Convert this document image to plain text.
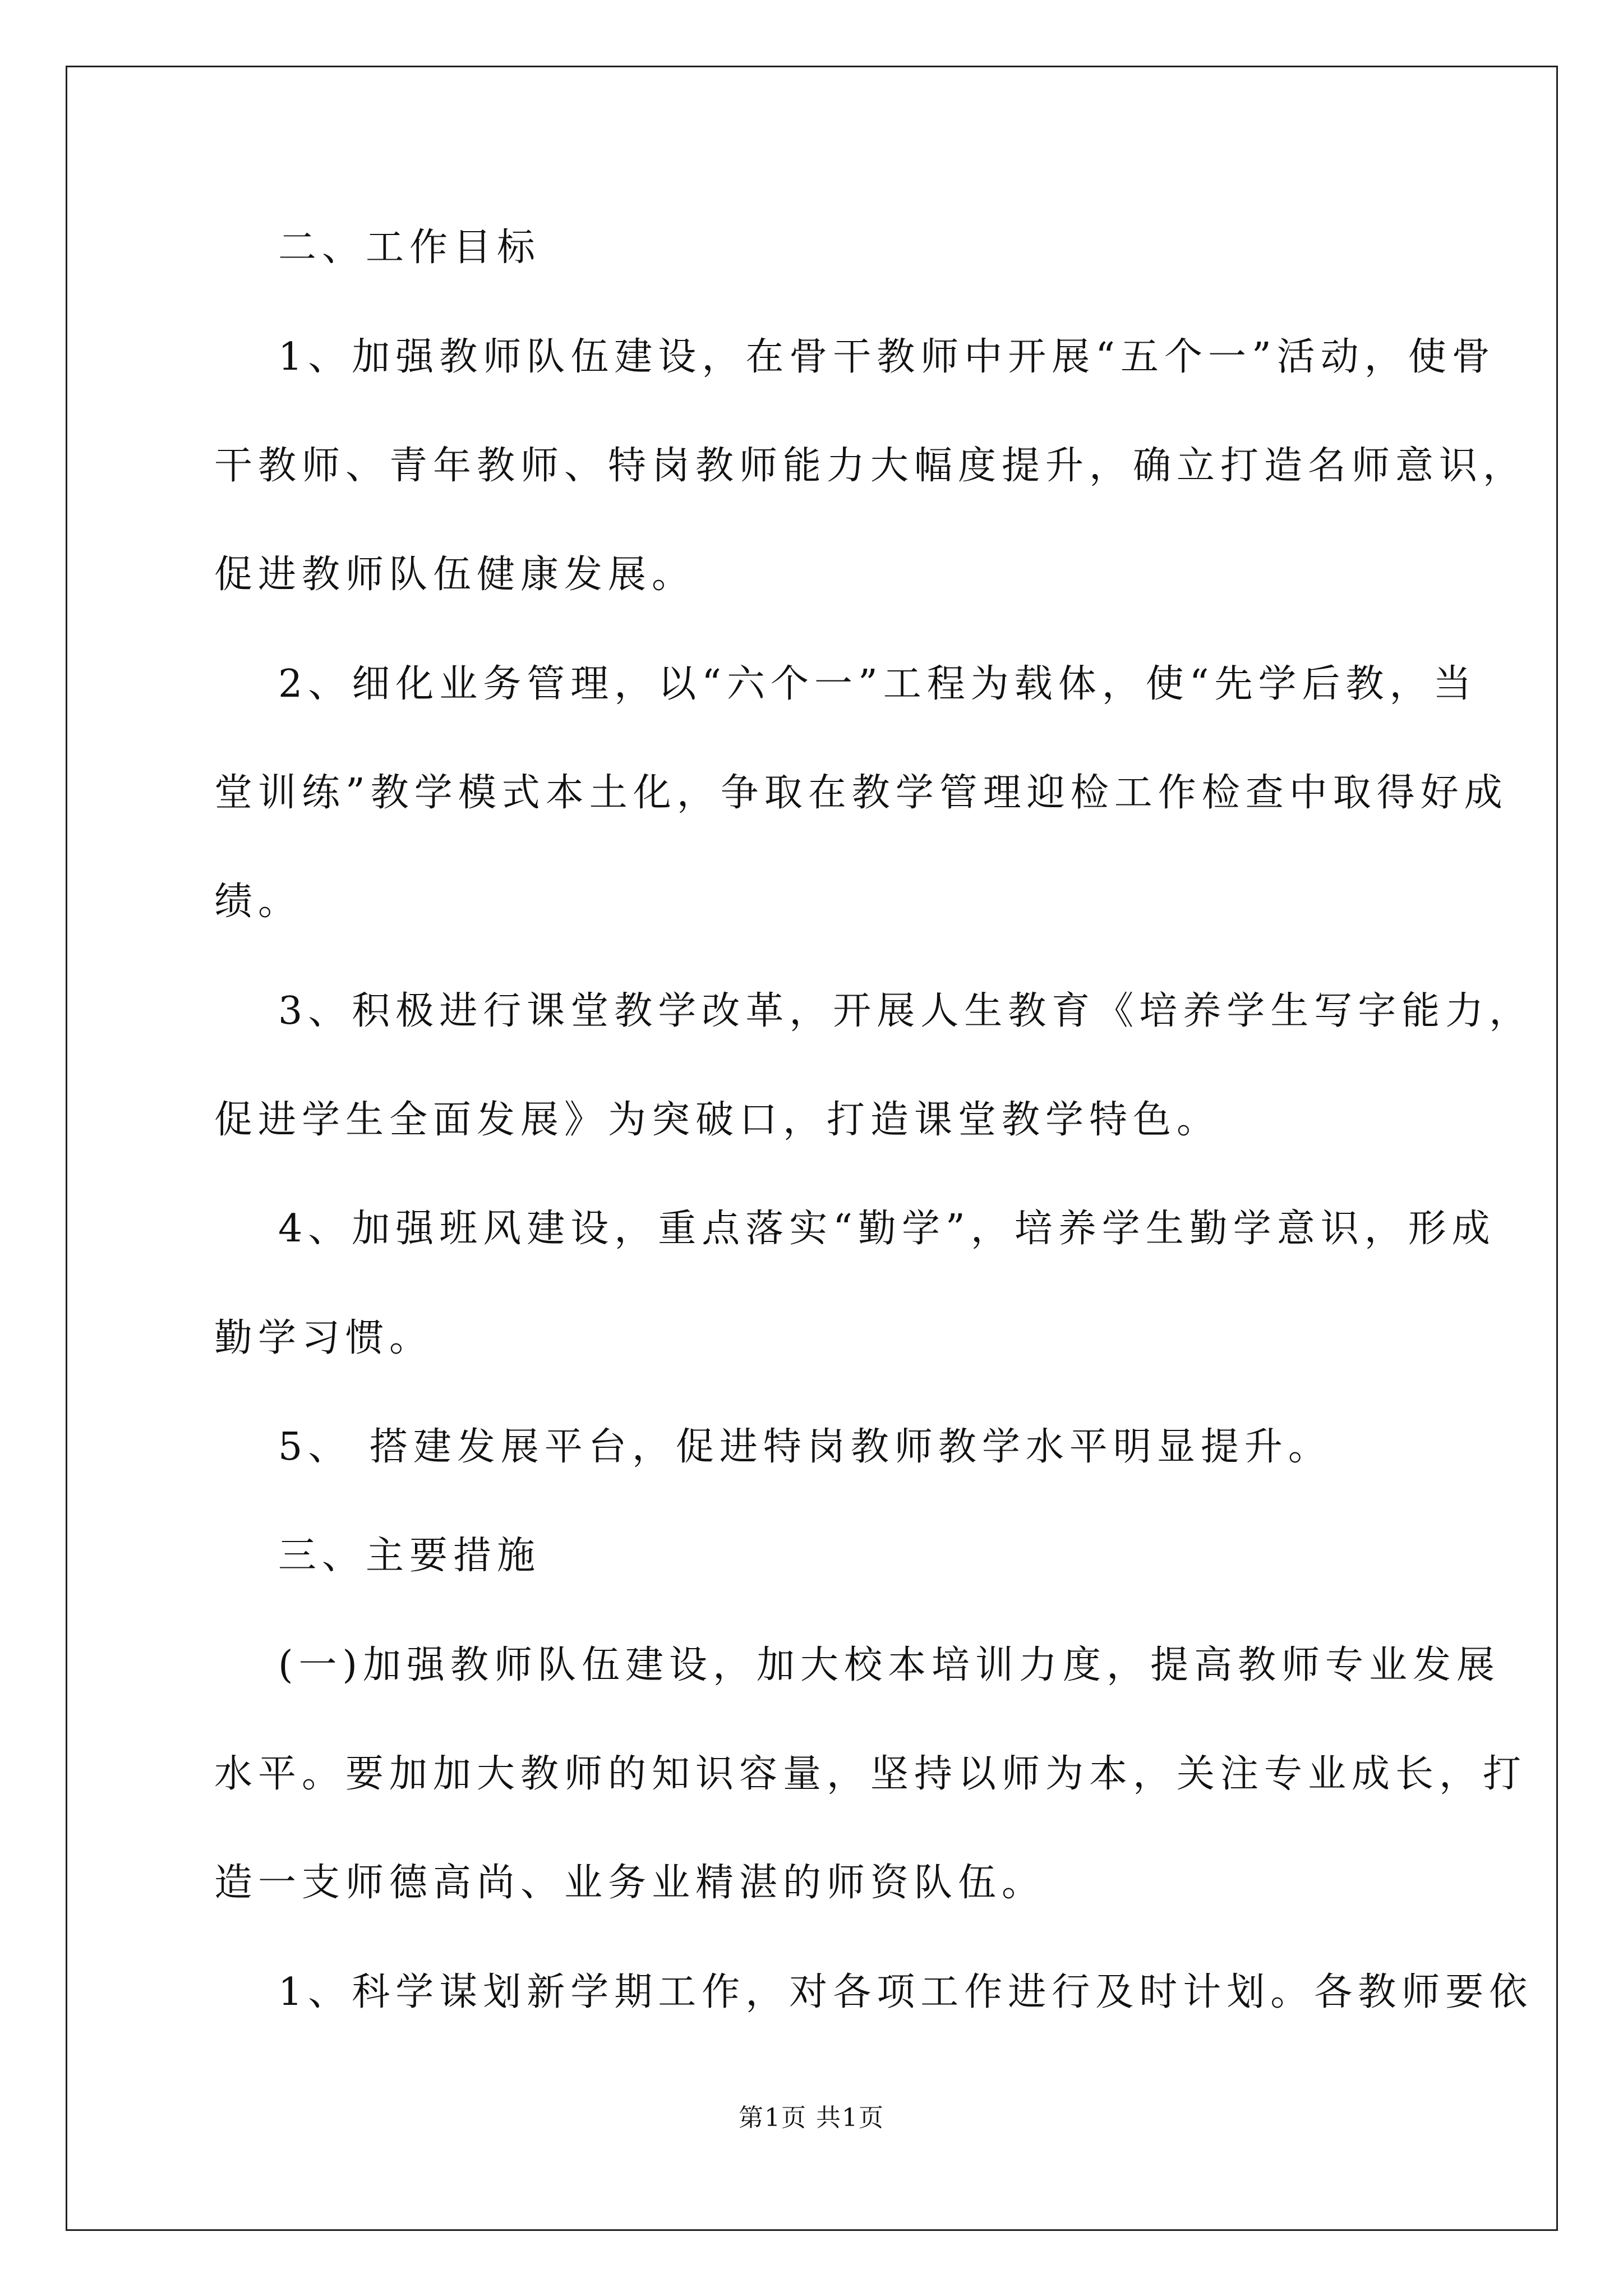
二、工作目标

1、加强教师队伍建设，在骨干教师中开展“五个一”活动，使骨

干教师、青年教师、特岗教师能力大幅度提升，确立打造名师意识，

促进教师队伍健康发展。

2、细化业务管理，以“六个一”工程为载体，使“先学后教，当

堂训练”教学模式本土化，争取在教学管理迎检工作检查中取得好成

绩。

3、积极进行课堂教学改革，开展人生教育《培养学生写字能力，

促进学生全面发展》为突破口，打造课堂教学特色。

4、加强班风建设，重点落实“勤学”，培养学生勤学意识，形成

勤学习惯。

5、 搭建发展平台，促进特岗教师教学水平明显提升。

三、主要措施

(一)加强教师队伍建设，加大校本培训力度，提高教师专业发展

水平。要加加大教师的知识容量，坚持以师为本，关注专业成长，打

造一支师德高尚、业务业精湛的师资队伍。

1、科学谋划新学期工作，对各项工作进行及时计划。各教师要依

第1页 共1页
